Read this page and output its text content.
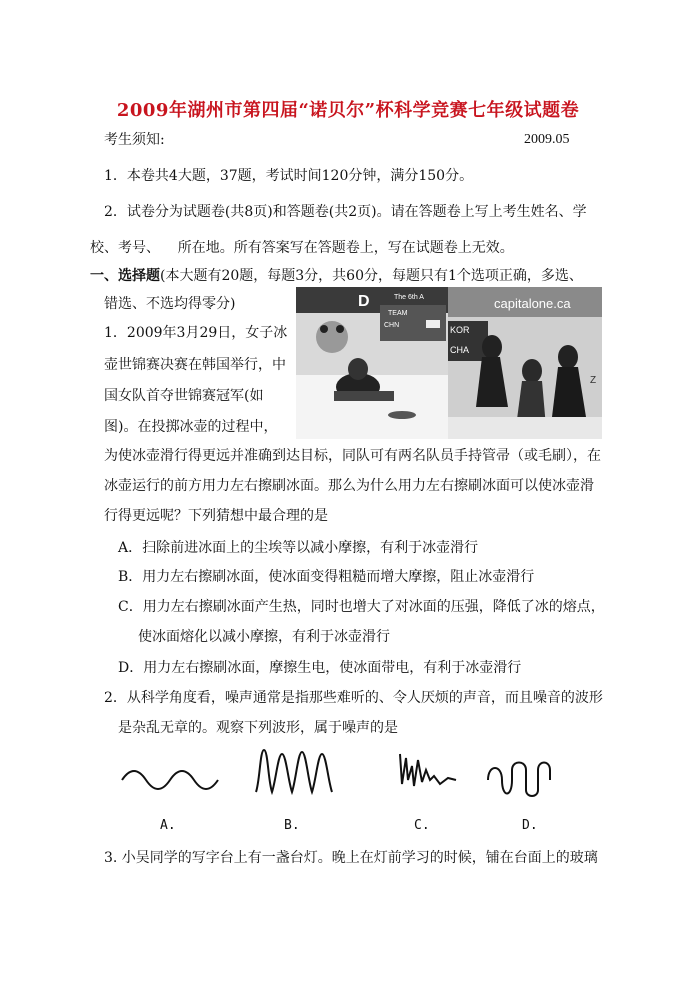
2009年湖州市第四届“诺贝尔”杯科学竞赛七年级试题卷
考生须知:	2009.05
1．本卷共4大题，37题，考试时间120分钟，满分150分。
2．试卷分为试题卷(共8页)和答题卷(共2页)。请在答题卷上写上考生姓名、学
校、考号、    所在地。所有答案写在答题卷上，写在试题卷上无效。
一、选择题(本大题有20题，每题3分，共60分，每题只有1个选项正确，多选、
错选、不选均得零分)
1．2009年3月29日，女子冰
壶世锦赛决赛在韩国举行，中
国女队首夺世锦赛冠军(如
图)。在投掷冰壶的过程中，
为使冰壶滑行得更远并准确到达目标，同队可有两名队员手持管帚（或毛刷），在
冰壶运行的前方用力左右擦刷冰面。那么为什么用力左右擦刷冰面可以使冰壶滑
行得更远呢？下列猜想中最合理的是
D	The 6th A
TEAM
CHN
capitalone.ca
KOR
CHA
Z
A．扫除前进冰面上的尘埃等以减小摩擦，有利于冰壶滑行
B．用力左右擦刷冰面，使冰面变得粗糙而增大摩擦，阻止冰壶滑行
C．用力左右擦刷冰面产生热，同时也增大了对冰面的压强，降低了冰的熔点，
使冰面熔化以减小摩擦，有利于冰壶滑行
D．用力左右擦刷冰面，摩擦生电，使冰面带电，有利于冰壶滑行
2．从科学角度看，噪声通常是指那些难听的、令人厌烦的声音，而且噪音的波形
是杂乱无章的。观察下列波形，属于噪声的是
A.	B.	C.	D.
3. 小吴同学的写字台上有一盏台灯。晚上在灯前学习的时候，铺在台面上的玻璃
